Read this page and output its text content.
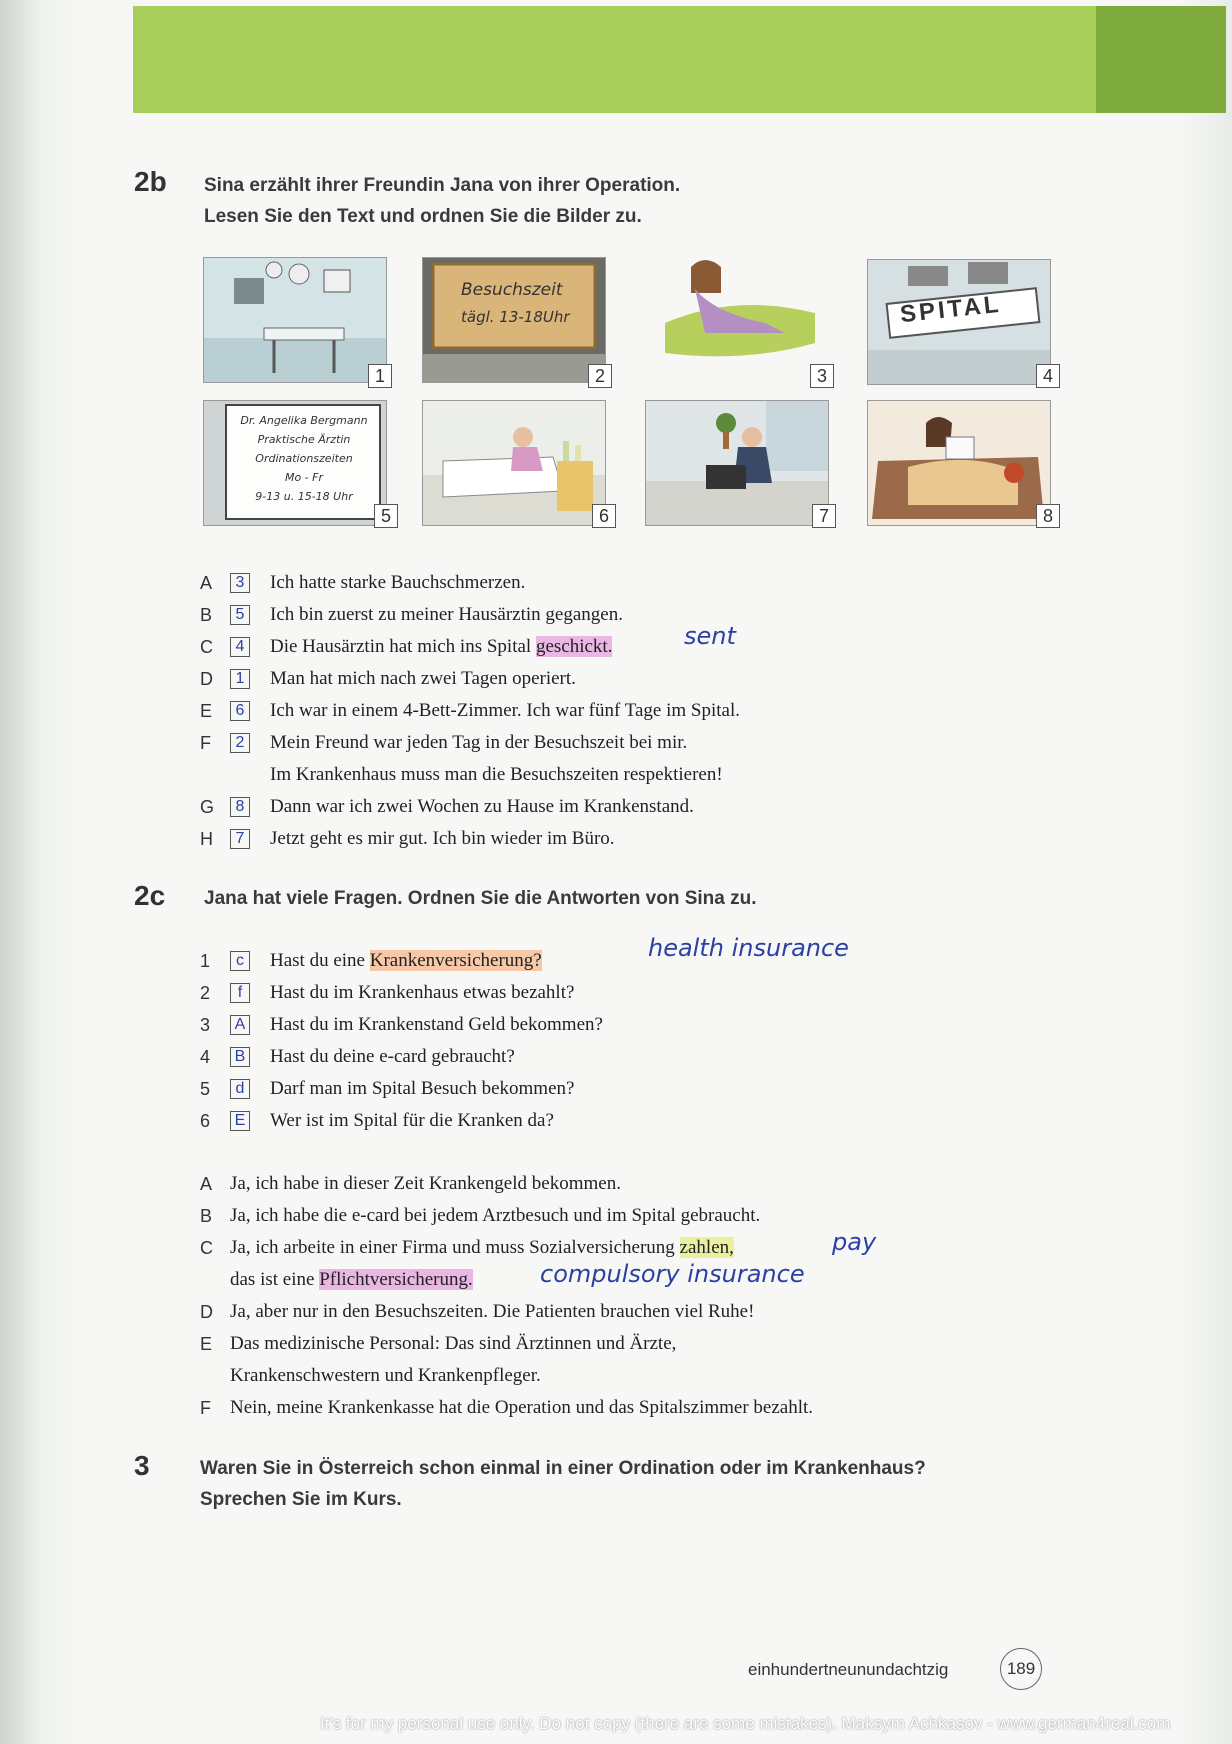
2b Sina erzählt ihrer Freundin Jana von ihrer Operation.
Lesen Sie den Text und ordnen Sie die Bilder zu.
1
Besuchszeit
tägl. 13-18Uhr
2	3
SPITAL
4
Dr. Angelika Bergmann
Praktische Ärztin
Ordinationszeiten
Mo - Fr
9-13 u. 15-18 Uhr
5	6	7	8
A	3 Ich hatte starke Bauchschmerzen.
B	5 Ich bin zuerst zu meiner Hausärztin gegangen.
C	4 Die Hausärztin hat mich ins Spital geschickt.	sent
D	1 Man hat mich nach zwei Tagen operiert.
E	6 Ich war in einem 4-Bett-Zimmer. Ich war fünf Tage im Spital.
F	2 Mein Freund war jeden Tag in der Besuchszeit bei mir.
Im Krankenhaus muss man die Besuchszeiten respektieren!
G	8 Dann war ich zwei Wochen zu Hause im Krankenstand.
H	7 Jetzt geht es mir gut. Ich bin wieder im Büro.
2c Jana hat viele Fragen. Ordnen Sie die Antworten von Sina zu.
1	c	Hast du eine Krankenversicherung?	health insurance
2	f	Hast du im Krankenhaus etwas bezahlt?
3	A Hast du im Krankenstand Geld bekommen?
4	B Hast du deine e-card gebraucht?
5	d Darf man im Spital Besuch bekommen?
6	E Wer ist im Spital für die Kranken da?
A Ja, ich habe in dieser Zeit Krankengeld bekommen.
B Ja, ich habe die e-card bei jedem Arztbesuch und im Spital gebraucht.
C Ja, ich arbeite in einer Firma und muss Sozialversicherung zahlen,	pay
das ist eine Pflichtversicherung.	compulsory insurance
D Ja, aber nur in den Besuchszeiten. Die Patienten brauchen viel Ruhe!
E Das medizinische Personal: Das sind Ärztinnen und Ärzte,
Krankenschwestern und Krankenpfleger.
F Nein, meine Krankenkasse hat die Operation und das Spitalszimmer bezahlt.
3	Waren Sie in Österreich schon einmal in einer Ordination oder im Krankenhaus?
Sprechen Sie im Kurs.
einhundertneunundachtzig	189
It's for my personal use only. Do not copy (there are some mistakes). Maksym Achkasov - www.german4real.com
